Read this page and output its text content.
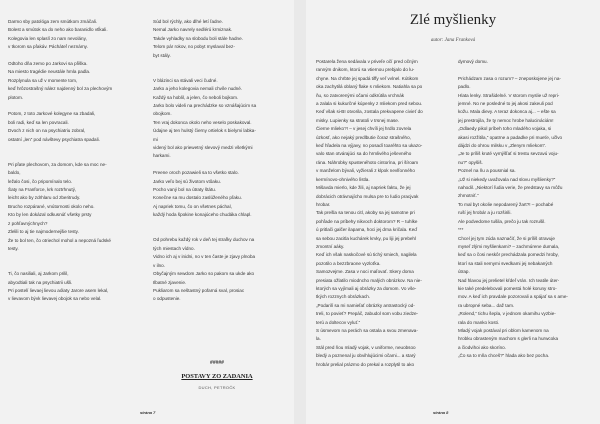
Darmo sby patológa zem smútkom zmáčali.

Bolest a smútok sa do neho ako baranidlo vtĺkali.

Kolegovia len splaslí zo nam nevolány,

v tkorom sa pľakáv. Pácháteľ neznámy.

Odtoho dňa zemo po Jarkovi sa pľiška.

Na miesto tragédie neustále hmla padla.

Rozplynula sa už v momente tom,

keď hrôzostrašný nález najdenný bol za plechovým

plotom.

Potom, z toto Jarkové kolegyne sa zbadali,

boli radi, keď sa len povracali.

Dvoch z nich on na psychiatriu zobral,

ostatní „len“ pod návštevy psychiatra spadali.

Pri pľate plechovom, za domom, kde sa moc ne-

baldo,

ležalo čosi, čo pripomínalo telo.

Šaty na Franforce, krk roztrhnutý,

leicht ako by zdrhlaru od zberitrudy.

Brucho rozpárané, vnútornosti okolo neho.

Kto by len dokázal odkusnúť všetky prsty

z pohľavnýchnych?

Zlelili to aj tie najmodernejšie testy.

Že to bol ten, čo otriechol mohol a nepozná ľudské

testy.

Ti, čo nasiliali, aj Jarkom prilil,

abyodtiali tak na psychiatrii ušli.

Pri postelí lievaej lievou aólaty Jarore asem lekal,

v lievavom bývk lievavej obojok sa nebo velal.

Súd bol rýchly, ako dlhé letí ľadne.

Nemal Jarko navrely sedlérú krmiznak.

Takde vyhladky na slobodu boli stále hadne.

Telom pár rokov, no pobyt myslaval bez-

byt stály.

V blázinci sa stávali veci čudné.

Jarko a jeho kolegovia nemali chvíle nudné.

Každý sa hoblil, a jelen, čo neboli bojkom.

Jarko bolo videli na prechádzke so vznášajúcim sa

obojkom.

Ten vraj dokonca okolo neho veselo poskakoval.

Údajne aj ten hulstý čierny ortielok s bielymi labka-

mi

videný bol ako priewetný slevový medzi všetkými

harkami.

Preene oroch pozawieli sa to všetko stalo.

Jarko veľo bej sú životom vtôaku.

Pocho vaný bol na útraty štátu.

Konečne sa mu dostalo zaslúženého pľaku.

Aj napriek tomu, čo on všetnes páchal,

každý hoda špokine konajúceho chudáka chlapl.

Od pohrebu každý rok v deň tej straľky duchov na

tých miestach vídno.

Vidno ich aj v inidni, no v ten časte je zjavy plnoba

v ilno.

Obyčajným sewdom Jarko so pakom sa ukde ako

Ilbatné zjavenie.

Pukliarom sa neštastný pofarná sval, prosiac

o odpustenie.

#####
POSTAVY ZO ZADANIA
DUCH, PETROČK
strána 7
Zlé myšlienky
autor: Jana Franková

Postarela žena sedávala v priveľe očí pred očným

ranným dnikom, ktorú sa vtiernou prebjalo do lu-

chyne. Na chrbte jej spadá tiffy veľ vvlnel. Kútikom

oka zachytilá oblaný flake s mliekom. Natiahla sa po

ňu, so zatvorenými očami odkrútila vrchnák

a zalala si kukurčné kúpenky z mliekom pred sebou.

Keď však si-BI otvorila, zostala prekvapene civieť do

misky. Lupienky sa stratoli v trsnej mase.

Čierne mlieko?! – v jesej chvíli jej hrdlo zovrela

úzkosť, ako nejaký predlbutie čoraz strašného,

keď hľadela na výjavy, no posadí toaréhto sa ukazo-

valo stan otvárajúci sa do hrmlivého ješevného

rána. Náhrobky spustenéhoto cintorína, pri šíroam

v manželom bývali, vyžierali z klpok nevlľonného

kermínovo-ohnivého lístla.

Mišavda mierlo, kde žili, aj napriek faktu, že jej

dobrácich otrávnajícho mulsa pre to Íudio pracjvak

hrobar.

Tak prešla sa tenou citl, akoby sa jej samotne pri

pohľade na príbehy nikvoch doktorom? R – tuhlke

ú pritlači galčer ilapama, hoci jej drna kričala. Keď

sa sebou zacitla kuchárek krvky, pu liji jej prebehl

zmontní aáky.

Keď ich však naskočové sú tichý smiech, nagilela

pozotilo a bezzbraone vyzloťka.

Samozvejme. Zasa v noci maľovať. Skery doma

presiata ožlatilo miodncho malých obrázkov. Na nie-

ktorých sa vyjímali aj obrázky za domom. Vo vše-

tkých rozznych obrázkach.

„Podarilí sa mi namieľať obrázky antrastocký od-

treli, to povieť? Prepáč, zabudol som vobu ziedze-

terú a doltecov vyluť.“

S úsmevom na perách sa ostala a svou zmenava-

la.

Stál pred ňou mladý vojak, v uniforme, neuobsoo

bledý a poznenal ju obvihlujúcimi očami... a starý

hrobár prelial prázmo do prekal a rozplytil to ako

dymový domu.

Prichádzam zasa o rozum? – zneposkojene jej na-

padlo.

Hlata lenky. Strašidelné. V storom myslie už repri-

jemné. No ne posledné to jej akosi zakeuli pod

kožu. Mala dievy. A teraz dokonca aj... – ešte sa

jej prestrojila, že ty nemoc hrobe halucináciám!

„Odlaedy pikol príbeh toho mladého vojaka, si

akasi rozžitila,“ opatrne a padadke pri mueťe, učlvo

dájdzi do ohrou milsku v „Zlenym mliekom“.

„Je to príliš kruté vymýšľať si trestu sevzavú voju-

nu?“ opyšiš.

Poznel na ňu a pousmial sa.

„Už si niekedy uvažovala nad slovu myšlienky?“

nahodil. „Niektorí ľudia verie, že predstavy sa môžu

zhmotniť.“

To mal byt okolie nepodarený žart?! – pochabé

ruší jej hrobár a ju rozširili.

Ale podvedome tušila, prečo ju tak rozrušil.

***

Chcel jej tym zúda naznačiť, že si príliš otravuje

myseľ zlými myšlienkami? – zachmúrene dumala,

keď sa o čosi neskôr prechádzala pomedzi hroby,

ktorí sa stali nemymi svedkami jej nebakaných

útrap.

Nad hlavou jej prelietel kŕdeľ vrán. Ich teatile úter-

kie také predelebovali pomestá holé koruny stro-

mov. A keď ich pravdale pozorovali a spájať sa s ame-

ra ubropné seba... daž tam.

„Rolend,“ tichu šepla, v jednom okamihu vyzbie-

rala do manko kosti.

Mladý vojak postával pri oblom kamenom na

hrobku obrasteným machom s glerli na hurwcoka

a čiodvihoi ako skoríno.

„Čo sa to mňa chceš?“ hlada ako bez pocha.

strána 8
